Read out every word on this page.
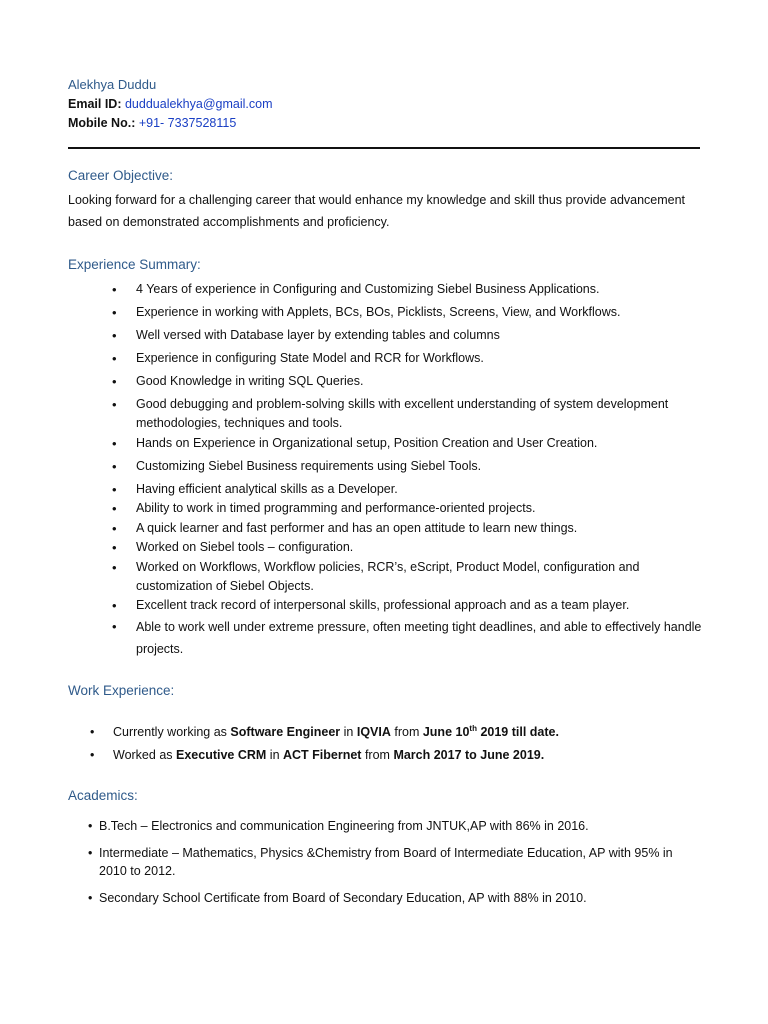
Alekhya Duddu
Email ID: duddualekhya@gmail.com
Mobile No.: +91- 7337528115
Career Objective:
Looking forward for a challenging career that would enhance my knowledge and skill thus provide advancement based on demonstrated accomplishments and proficiency.
Experience Summary:
• 4 Years of experience in Configuring and Customizing Siebel Business Applications.
• Experience in working with Applets, BCs, BOs, Picklists, Screens, View, and Workflows.
• Well versed with Database layer by extending tables and columns
• Experience in configuring State Model and RCR for Workflows.
• Good Knowledge in writing SQL Queries.
• Good debugging and problem-solving skills with excellent understanding of system development methodologies, techniques and tools.
• Hands on Experience in Organizational setup, Position Creation and User Creation.
• Customizing Siebel Business requirements using Siebel Tools.
• Having efficient analytical skills as a Developer.
• Ability to work in timed programming and performance-oriented projects.
• A quick learner and fast performer and has an open attitude to learn new things.
• Worked on Siebel tools – configuration.
• Worked on Workflows, Workflow policies, RCR’s, eScript, Product Model, configuration and customization of Siebel Objects.
• Excellent track record of interpersonal skills, professional approach and as a team player.
• Able to work well under extreme pressure, often meeting tight deadlines, and able to effectively handle projects.
Work Experience:
• Currently working as Software Engineer in IQVIA from June 10th 2019 till date.
• Worked as Executive CRM in ACT Fibernet from March 2017 to June 2019.
Academics:
• B.Tech – Electronics and communication Engineering from JNTUK,AP with 86% in 2016.
• Intermediate – Mathematics, Physics &Chemistry from Board of Intermediate Education, AP with 95% in 2010 to 2012.
• Secondary School Certificate from Board of Secondary Education, AP with 88% in 2010.
